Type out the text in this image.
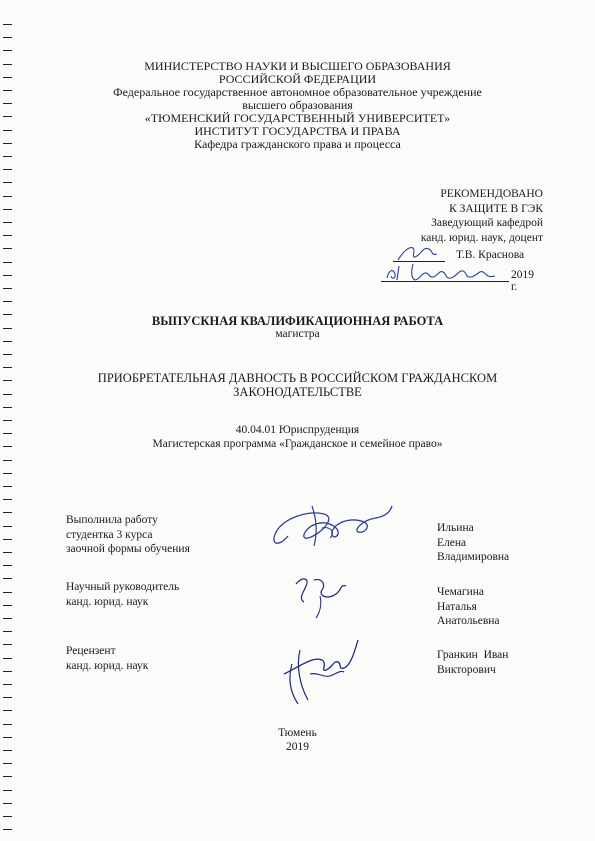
МИНИСТЕРСТВО НАУКИ И ВЫСШЕГО ОБРАЗОВАНИЯ
РОССИЙСКОЙ ФЕДЕРАЦИИ
Федеральное государственное автономное образовательное учреждение
высшего образования
«ТЮМЕНСКИЙ ГОСУДАРСТВЕННЫЙ УНИВЕРСИТЕТ»
ИНСТИТУТ ГОСУДАРСТВА И ПРАВА
Кафедра гражданского права и процесса
РЕКОМЕНДОВАНО
К ЗАЩИТЕ В ГЭК
Заведующий кафедрой
канд. юрид. наук, доцент
Т.В. Краснова
2019 г.
ВЫПУСКНАЯ КВАЛИФИКАЦИОННАЯ РАБОТА
магистра
ПРИОБРЕТАТЕЛЬНАЯ ДАВНОСТЬ В РОССИЙСКОМ ГРАЖДАНСКОМ
ЗАКОНОДАТЕЛЬСТВЕ
40.04.01 Юриспруденция
Магистерская программа «Гражданское и семейное право»
Выполнила работу
студентка 3 курса
заочной формы обучения
Ильина
Елена
Владимировна
Научный руководитель
канд. юрид. наук
Чемагина
Наталья
Анатольевна
Рецензент
канд. юрид. наук
Гранкин  Иван
Викторович
Тюмень
2019
